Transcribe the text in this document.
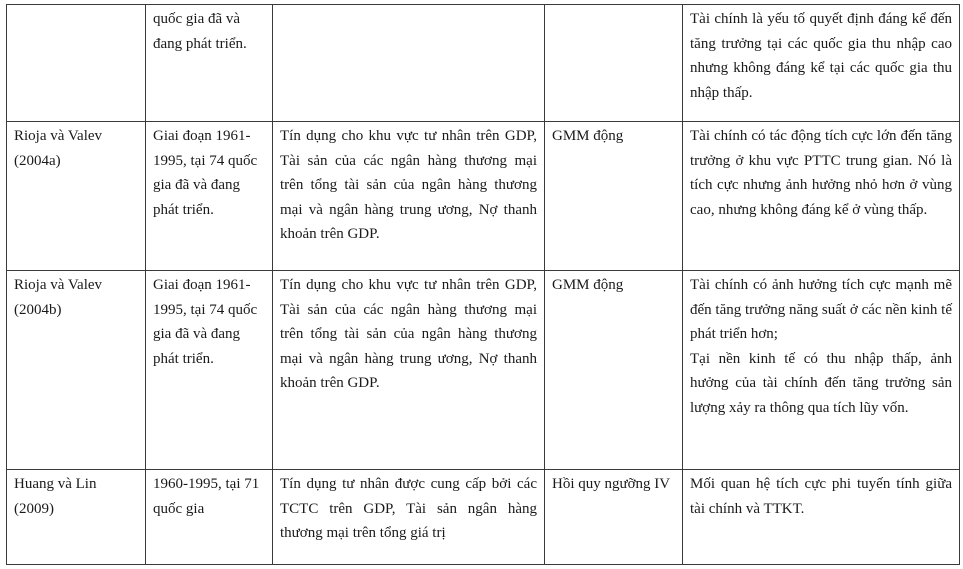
	quốc gia đã và đang phát triển.			Tài chính là yếu tố quyết định đáng kể đến tăng trưởng tại các quốc gia thu nhập cao nhưng không đáng kể tại các quốc gia thu nhập thấp.
Rioja và Valev (2004a)	Giai đoạn 1961-1995, tại 74 quốc gia đã và đang phát triển.	Tín dụng cho khu vực tư nhân trên GDP, Tài sản của các ngân hàng thương mại trên tổng tài sản của ngân hàng thương mại và ngân hàng trung ương, Nợ thanh khoản trên GDP.	GMM động	Tài chính có tác động tích cực lớn đến tăng trưởng ở khu vực PTTC trung gian. Nó là tích cực nhưng ảnh hưởng nhỏ hơn ở vùng cao, nhưng không đáng kể ở vùng thấp.
Rioja và Valev (2004b)	Giai đoạn 1961-1995, tại 74 quốc gia đã và đang phát triển.	Tín dụng cho khu vực tư nhân trên GDP, Tài sản của các ngân hàng thương mại trên tổng tài sản của ngân hàng thương mại và ngân hàng trung ương, Nợ thanh khoản trên GDP.	GMM động	Tài chính có ảnh hưởng tích cực mạnh mẽ đến tăng trưởng năng suất ở các nền kinh tế phát triển hơn;
Tại nền kinh tế có thu nhập thấp, ảnh hưởng của tài chính đến tăng trưởng sản lượng xảy ra thông qua tích lũy vốn.

Huang và Lin (2009)	1960-1995, tại 71 quốc gia	Tín dụng tư nhân được cung cấp bởi các TCTC trên GDP, Tài sản ngân hàng thương mại trên tổng giá trị	Hồi quy ngưỡng IV	Mối quan hệ tích cực phi tuyến tính giữa tài chính và TTKT.
